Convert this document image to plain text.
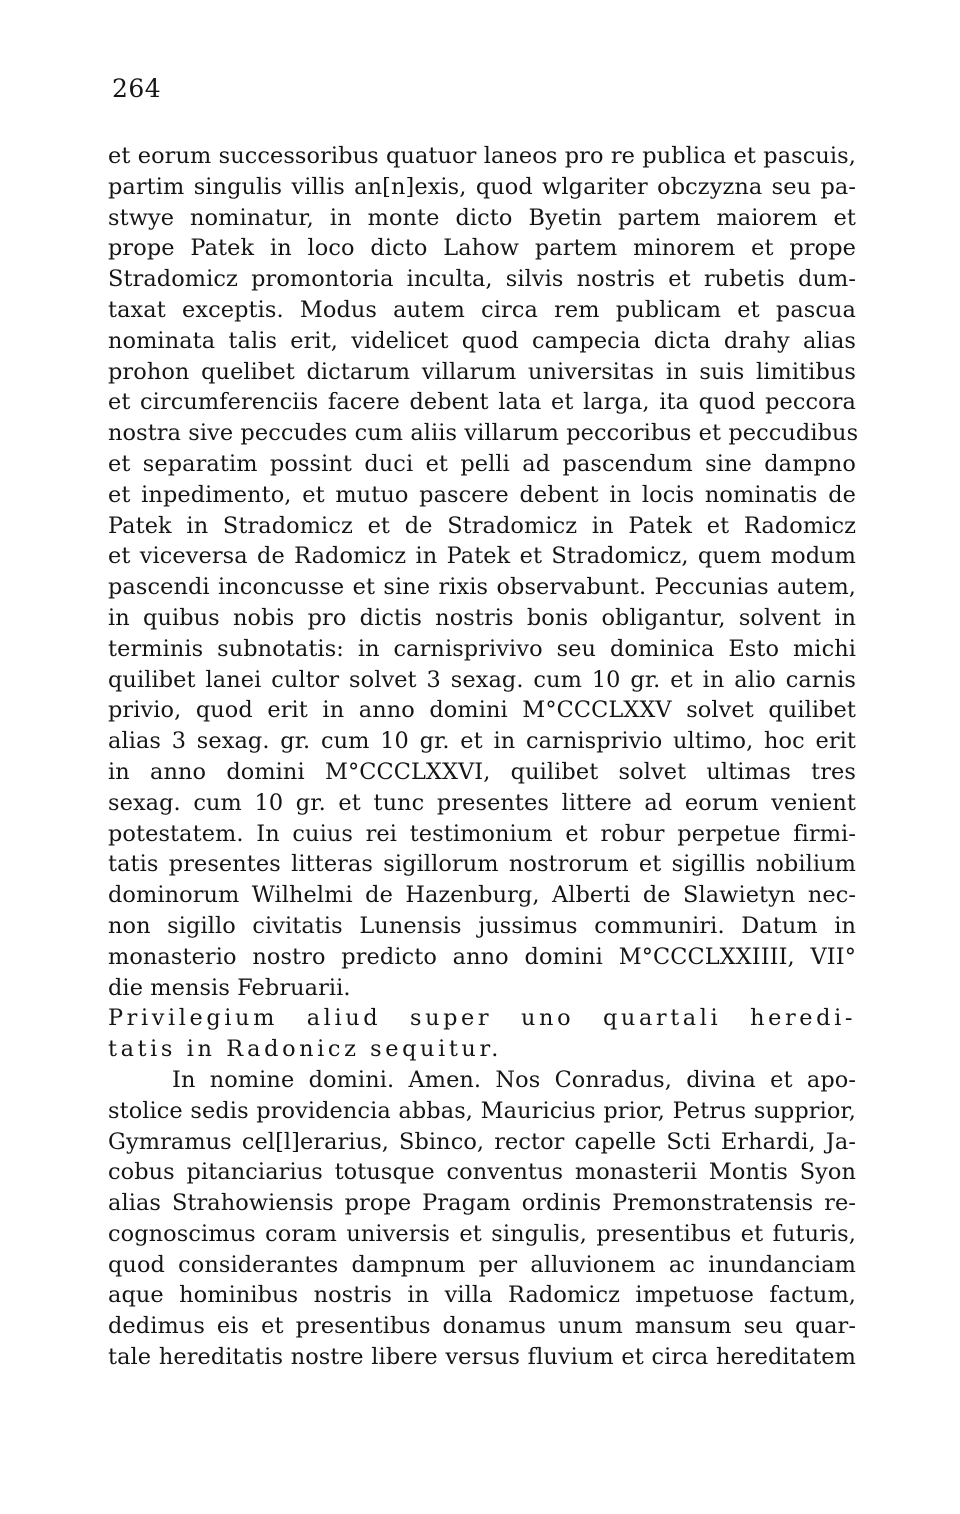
264
et eorum successoribus quatuor laneos pro re publica et pascuis,
partim singulis villis an[n]exis, quod wlgariter obczyzna seu pa-
stwye nominatur, in monte dicto Byetin partem maiorem et
prope Patek in loco dicto Lahow partem minorem et prope
Stradomicz promontoria inculta, silvis nostris et rubetis dum-
taxat exceptis. Modus autem circa rem publicam et pascua
nominata talis erit, videlicet quod campecia dicta drahy alias
prohon quelibet dictarum villarum universitas in suis limitibus
et circumferenciis facere debent lata et larga, ita quod peccora
nostra sive peccudes cum aliis villarum peccoribus et peccudibus
et separatim possint duci et pelli ad pascendum sine dampno
et inpedimento, et mutuo pascere debent in locis nominatis de
Patek in Stradomicz et de Stradomicz in Patek et Radomicz
et viceversa de Radomicz in Patek et Stradomicz, quem modum
pascendi inconcusse et sine rixis observabunt. Peccunias autem,
in quibus nobis pro dictis nostris bonis obligantur, solvent in
terminis subnotatis: in carnisprivivo seu dominica Esto michi
quilibet lanei cultor solvet 3 sexag. cum 10 gr. et in alio carnis
privio, quod erit in anno domini M°CCCLXXV solvet quilibet
alias 3 sexag. gr. cum 10 gr. et in carnisprivio ultimo, hoc erit
in anno domini M°CCCLXXVI, quilibet solvet ultimas tres
sexag. cum 10 gr. et tunc presentes littere ad eorum venient
potestatem. In cuius rei testimonium et robur perpetue firmi-
tatis presentes litteras sigillorum nostrorum et sigillis nobilium
dominorum Wilhelmi de Hazenburg, Alberti de Slawietyn nec-
non sigillo civitatis Lunensis jussimus communiri. Datum in
monasterio nostro predicto anno domini M°CCCLXXIIII, VII°
die mensis Februarii.
Privilegium aliud super uno quartali heredi-
tatis in Radonicz sequitur.
In nomine domini. Amen. Nos Conradus, divina et apo-
stolice sedis providencia abbas, Mauricius prior, Petrus supprior,
Gymramus cel[l]erarius, Sbinco, rector capelle Scti Erhardi, Ja-
cobus pitanciarius totusque conventus monasterii Montis Syon
alias Strahowiensis prope Pragam ordinis Premonstratensis re-
cognoscimus coram universis et singulis, presentibus et futuris,
quod considerantes dampnum per alluvionem ac inundanciam
aque hominibus nostris in villa Radomicz impetuose factum,
dedimus eis et presentibus donamus unum mansum seu quar-
tale hereditatis nostre libere versus fluvium et circa hereditatem
